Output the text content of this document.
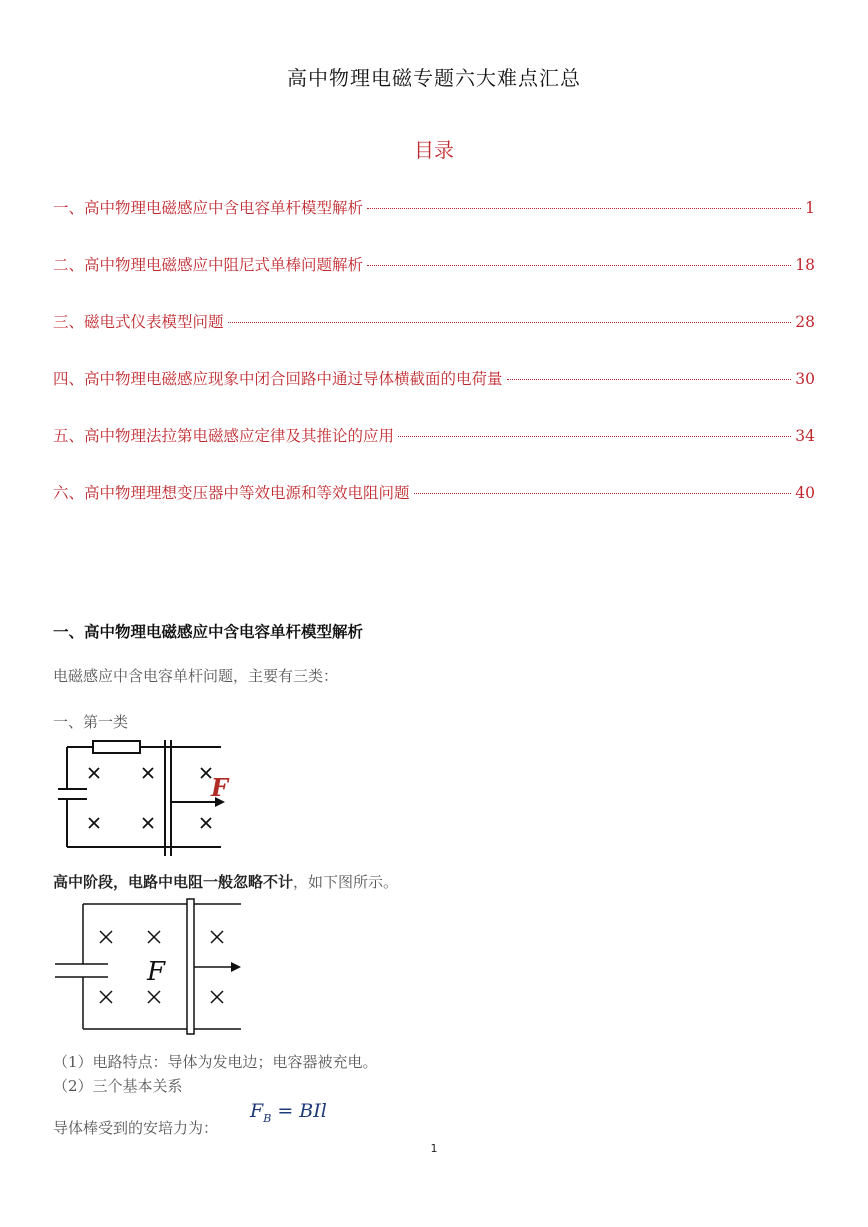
高中物理电磁专题六大难点汇总
目录
一、高中物理电磁感应中含电容单杆模型解析	1
二、高中物理电磁感应中阻尼式单棒问题解析	18
三、磁电式仪表模型问题	28
四、高中物理电磁感应现象中闭合回路中通过导体横截面的电荷量	30
五、高中物理法拉第电磁感应定律及其推论的应用	34
六、高中物理理想变压器中等效电源和等效电阻问题	40
一、高中物理电磁感应中含电容单杆模型解析
电磁感应中含电容单杆问题，主要有三类：
一、第一类
F
高中阶段，电路中电阻一般忽略不计，如下图所示。
F
（1）电路特点：导体为发电边；电容器被充电。
（2）三个基本关系
导体棒受到的安培力为：
$F_B$ = BIl
1
